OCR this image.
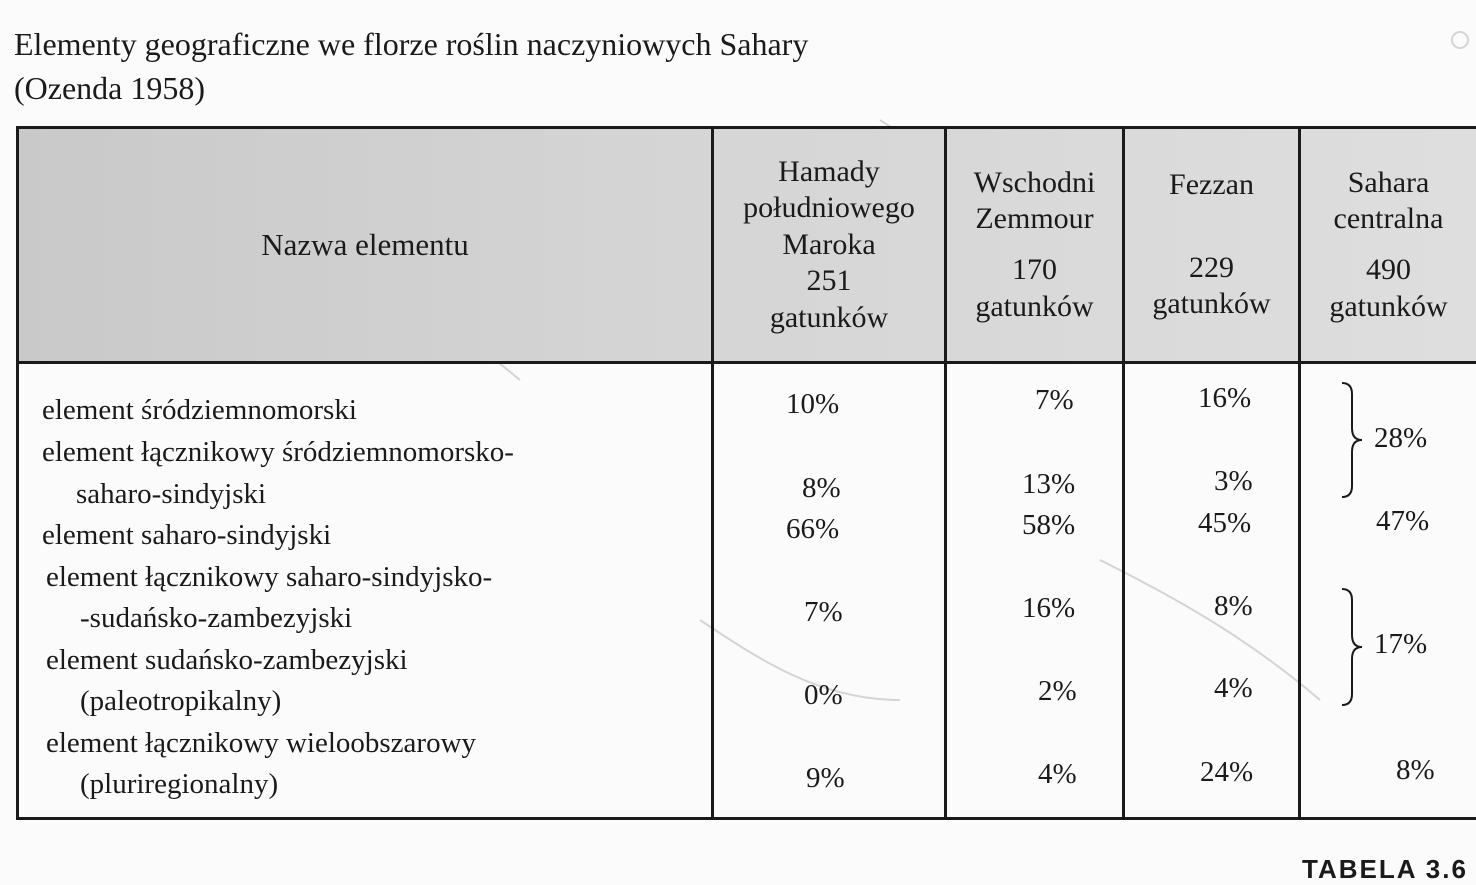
Elementy geograficzne we florze roślin naczyniowych Sahary
(Ozenda 1958)
Nazwa elementu
Hamady
południowego
Maroka
251
gatunków
Wschodni
Zemmour
170
gatunków
Fezzan
229
gatunków
Sahara
centralna
490
gatunków
element śródziemnomorski
element łącznikowy śródziemnomorsko-
saharo-sindyjski
element saharo-sindyjski
element łącznikowy saharo-sindyjsko-
-sudańsko-zambezyjski
element sudańsko-zambezyjski
(paleotropikalny)
element łącznikowy wieloobszarowy
(pluriregionalny)
10%
8%
66%
7%
0%
9%
7%
13%
58%
16%
2%
4%
16%
3%
45%
8%
4%
24%
28%
47%
17%
8%
TABELA 3.6
